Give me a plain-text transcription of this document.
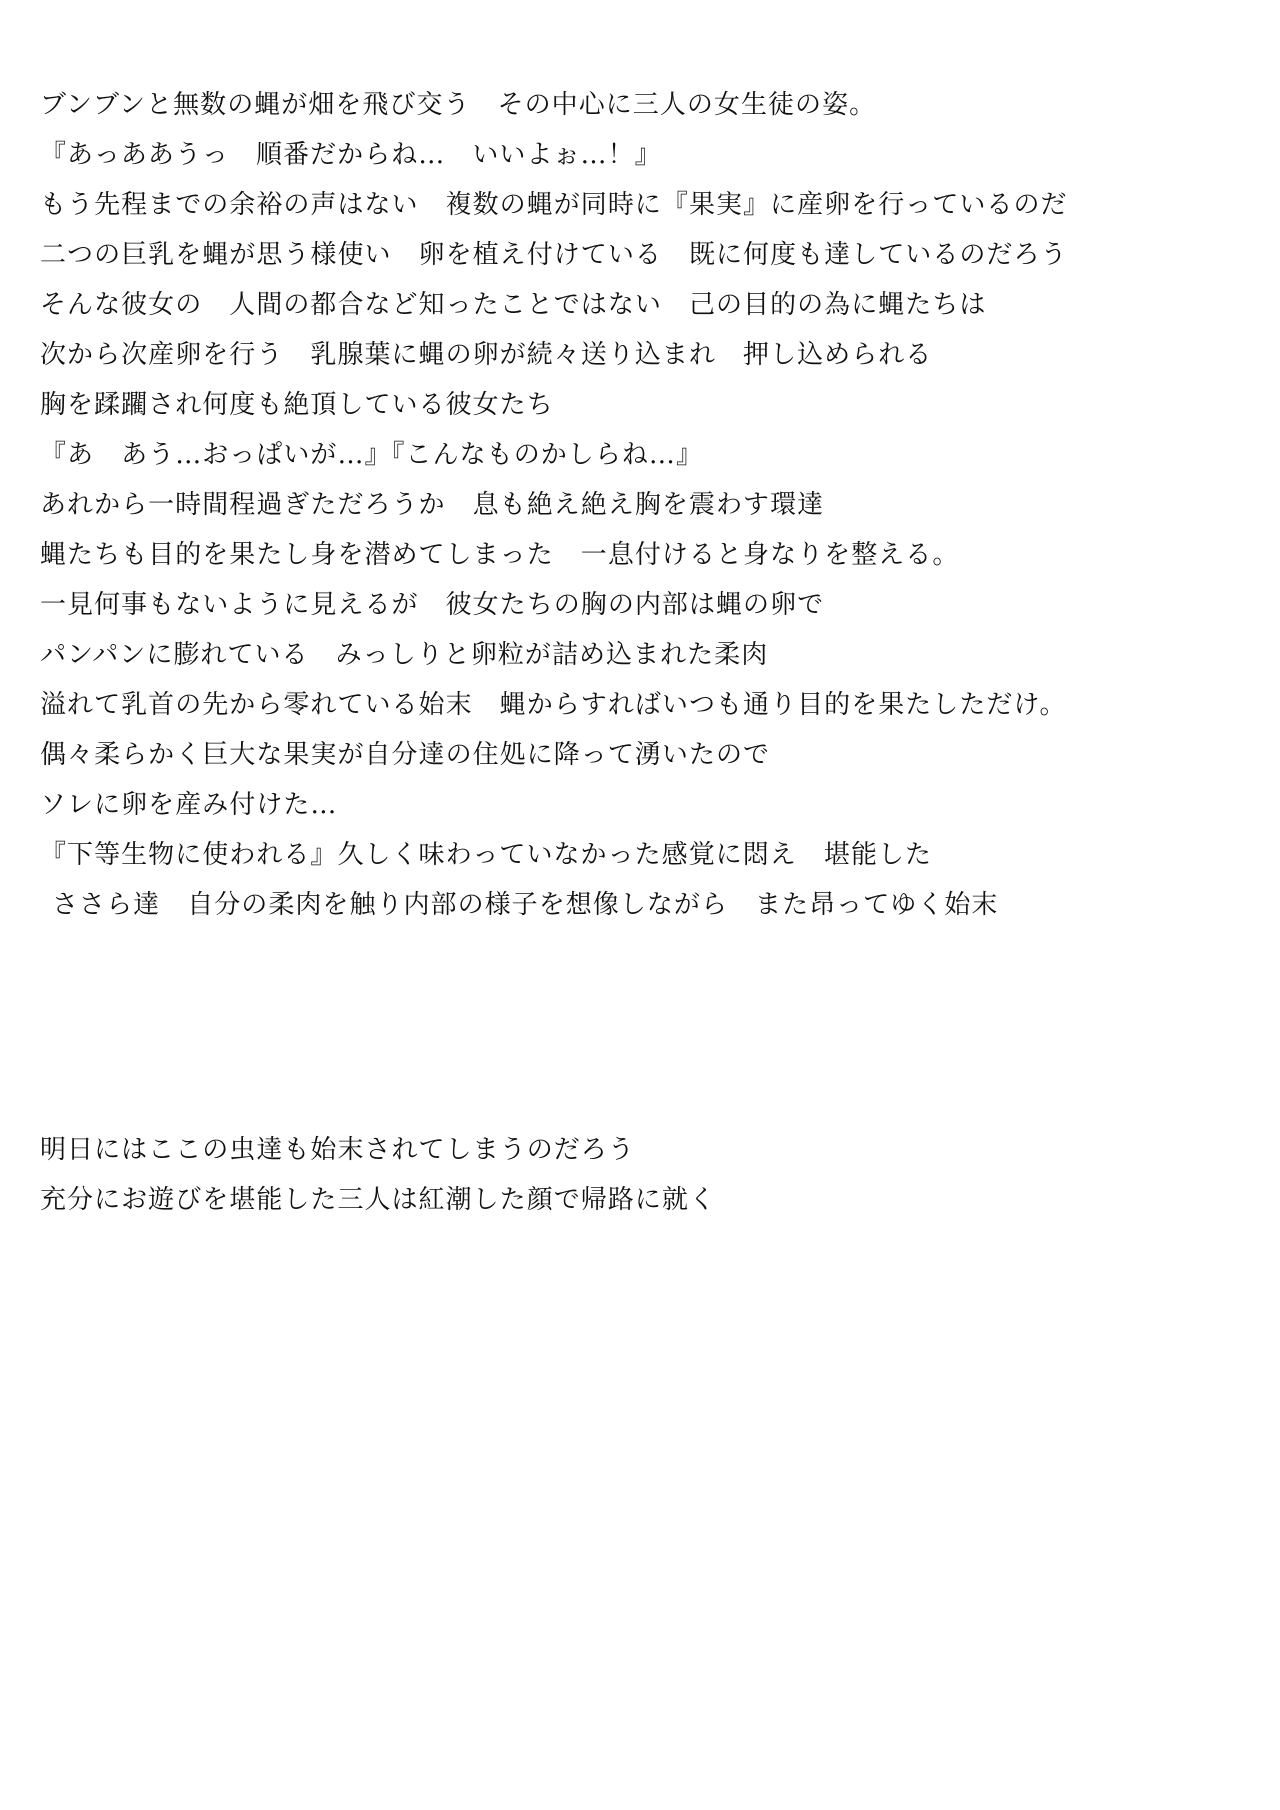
ブンブンと無数の蝿が畑を飛び交う　その中心に三人の女生徒の姿。
『あっああうっ　順番だからね…　いいよぉ…！』
もう先程までの余裕の声はない　複数の蝿が同時に『果実』に産卵を行っているのだ
二つの巨乳を蝿が思う様使い　卵を植え付けている　既に何度も達しているのだろう
そんな彼女の　人間の都合など知ったことではない　己の目的の為に蝿たちは
次から次産卵を行う　乳腺葉に蝿の卵が続々送り込まれ　押し込められる
胸を蹂躙され何度も絶頂している彼女たち
『あ　あう…おっぱいが…』『こんなものかしらね…』
あれから一時間程過ぎただろうか　息も絶え絶え胸を震わす環達
蝿たちも目的を果たし身を潜めてしまった　一息付けると身なりを整える。
一見何事もないように見えるが　彼女たちの胸の内部は蝿の卵で
パンパンに膨れている　みっしりと卵粒が詰め込まれた柔肉
溢れて乳首の先から零れている始末　蝿からすればいつも通り目的を果たしただけ。
偶々柔らかく巨大な果実が自分達の住処に降って湧いたので
ソレに卵を産み付けた…
『下等生物に使われる』久しく味わっていなかった感覚に悶え　堪能した
ささら達　自分の柔肉を触り内部の様子を想像しながら　また昂ってゆく始末
明日にはここの虫達も始末されてしまうのだろう
充分にお遊びを堪能した三人は紅潮した顔で帰路に就く
